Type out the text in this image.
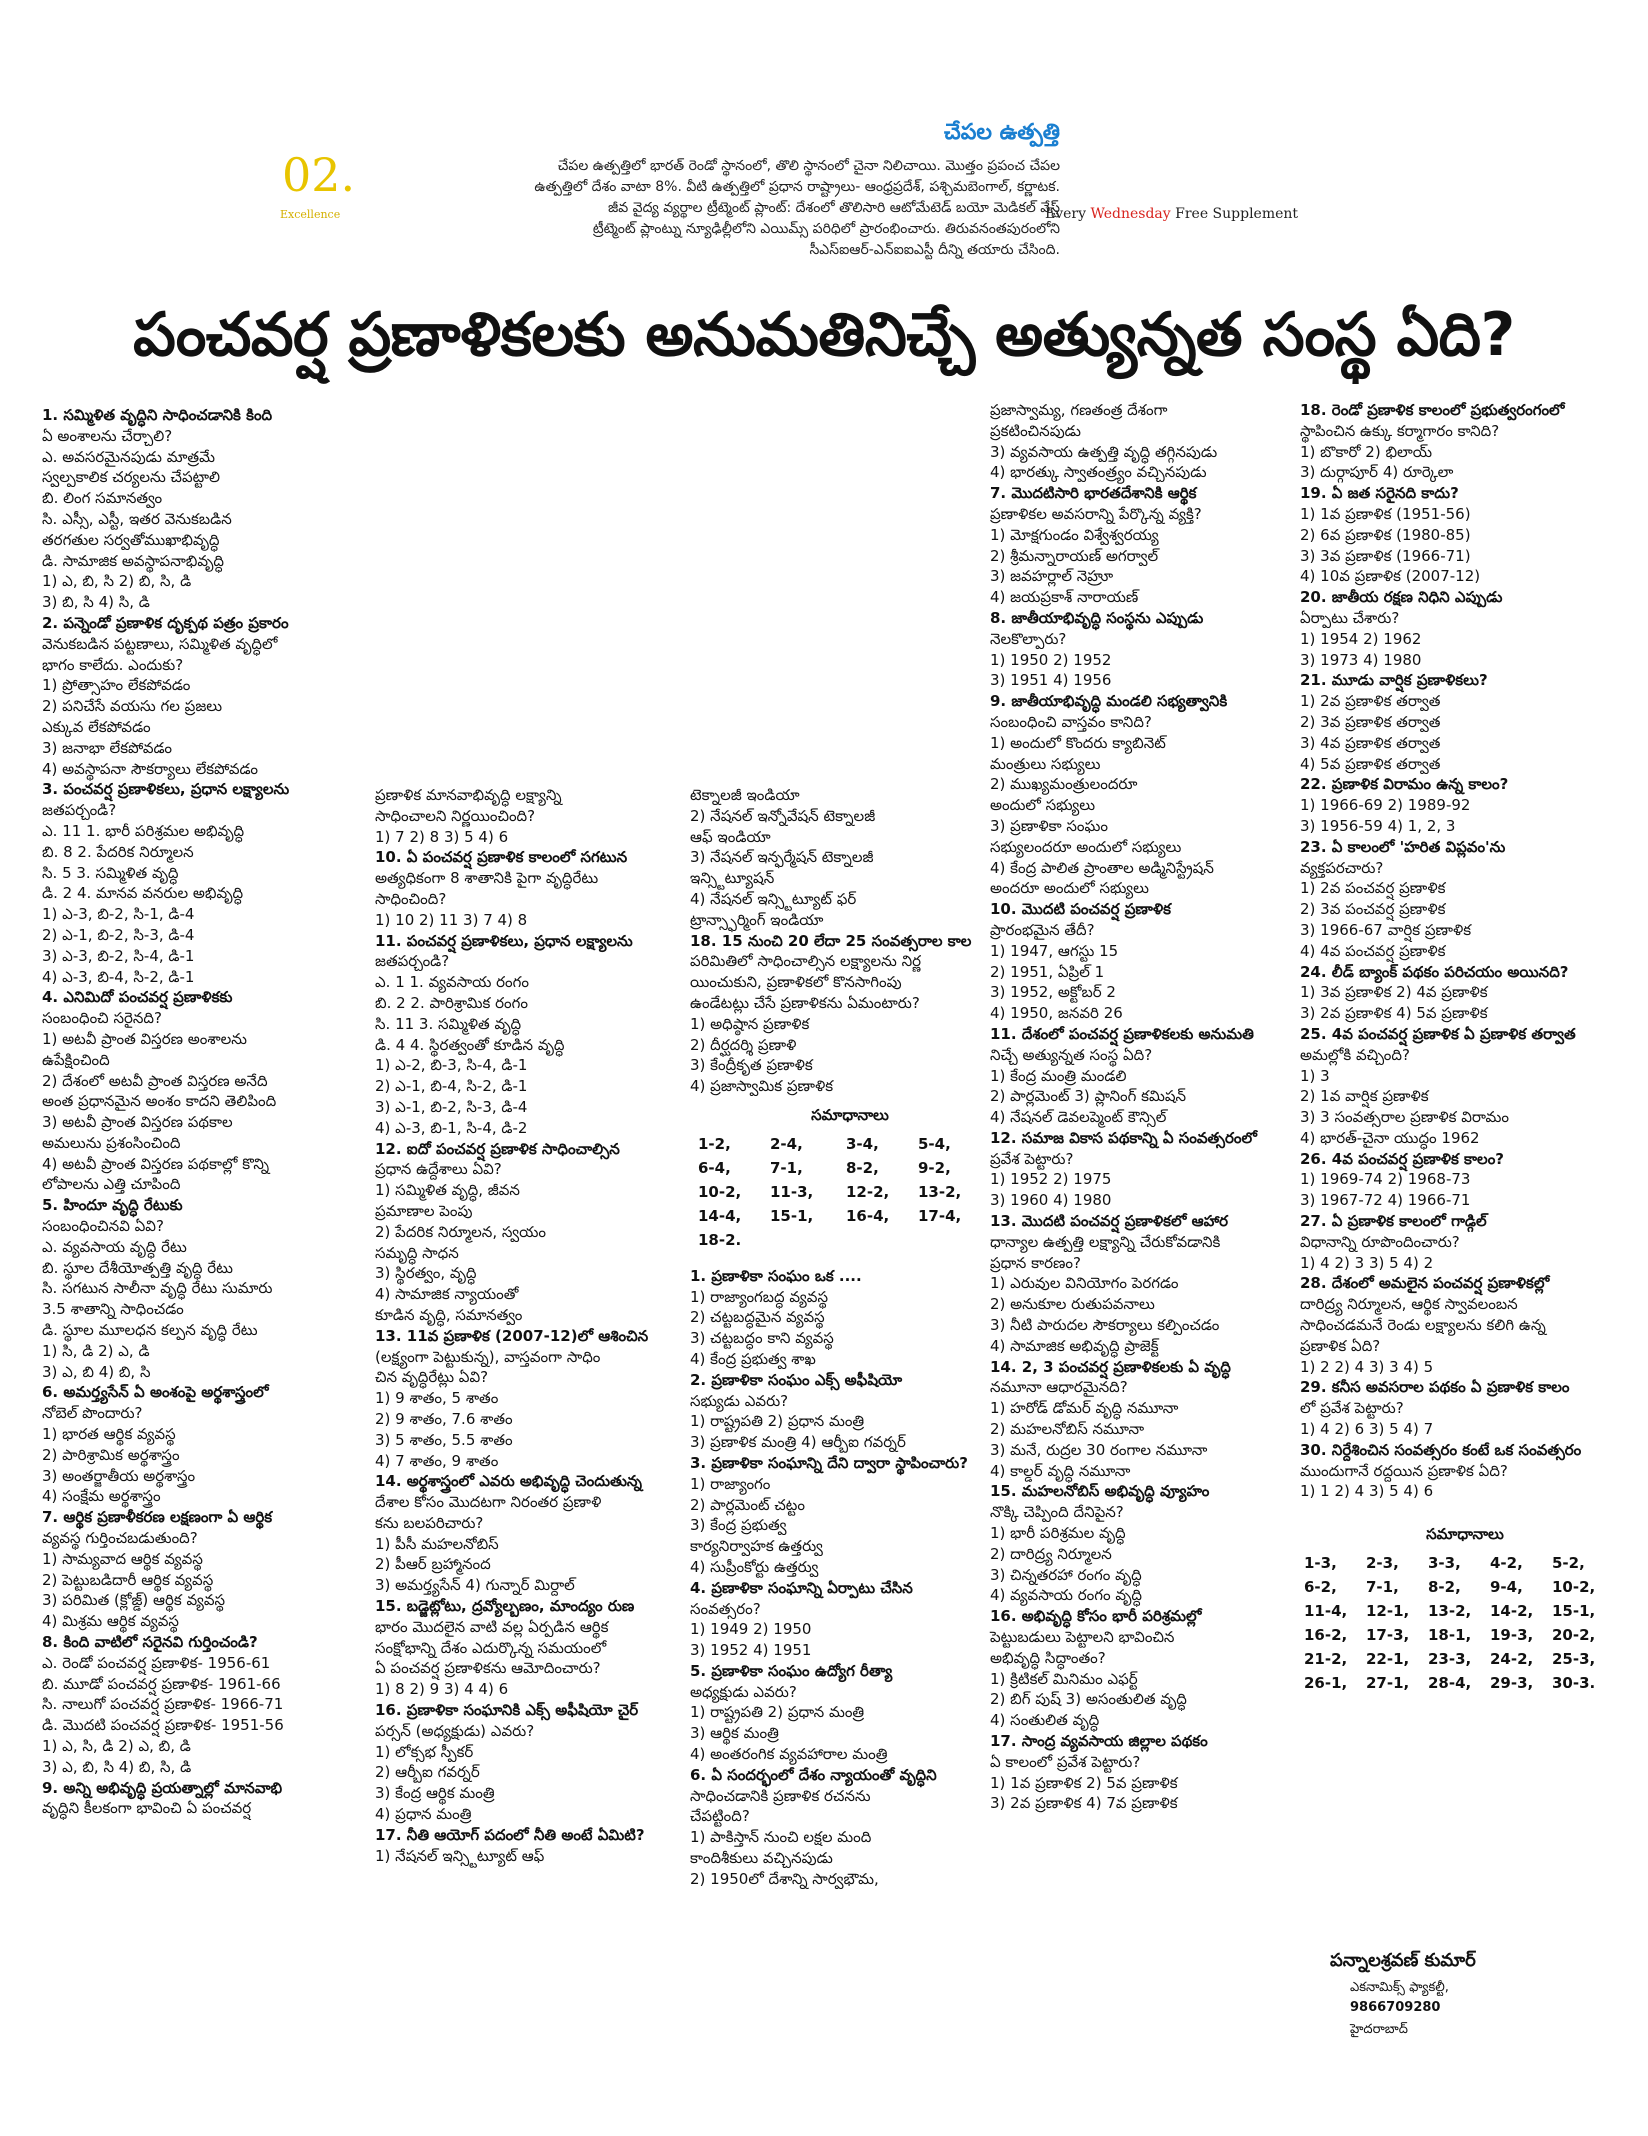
02.
Excellence
చేపల ఉత్పత్తి

చేపల ఉత్పత్తిలో భారత్ రెండో స్థానంలో, తొలి స్థానంలో చైనా నిలిచాయి. మొత్తం ప్రపంచ చేపల

ఉత్పత్తిలో దేశం వాటా 8%. వీటి ఉత్పత్తిలో ప్రధాన రాష్ట్రాలు- ఆంధ్రప్రదేశ్, పశ్చిమబెంగాల్, కర్ణాటక.

జీవ వైద్య వ్యర్థాల ట్రీట్మెంట్ ప్లాంట్: దేశంలో తొలిసారి ఆటోమేటెడ్ బయో మెడికల్ వేస్ట్

ట్రీట్మెంట్ ప్లాంట్ను న్యూఢిల్లీలోని ఎయిమ్స్ పరిధిలో ప్రారంభించారు. తిరువనంతపురంలోని

సీఎస్ఐఆర్-ఎన్ఐఐఎస్టీ దీన్ని తయారు చేసింది.

Every Wednesday Free Supplement
పంచవర్ష ప్రణాళికలకు అనుమతినిచ్చే అత్యున్నత సంస్థ ఏది?
1. సమ్మిళిత వృద్ధిని సాధించడానికి కింది
ఏ అంశాలను చేర్చాలి?
ఎ. అవసరమైనపుడు మాత్రమే
స్వల్పకాలిక చర్యలను చేపట్టాలి
బి. లింగ సమానత్వం
సి. ఎస్సీ, ఎస్టీ, ఇతర వెనుకబడిన
తరగతుల సర్వతోముఖాభివృద్ధి
డి. సామాజిక అవస్థాపనాభివృద్ధి
1) ఎ, బి, సి 2) బి, సి, డి
3) బి, సి 4) సి, డి
2. పన్నెండో ప్రణాళిక దృక్పథ పత్రం ప్రకారం
వెనుకబడిన పట్టణాలు, సమ్మిళిత వృద్ధిలో
భాగం కాలేదు. ఎందుకు?
1) ప్రోత్సాహం లేకపోవడం
2) పనిచేసే వయసు గల ప్రజలు
ఎక్కువ లేకపోవడం
3) జనాభా లేకపోవడం
4) అవస్థాపనా సౌకర్యాలు లేకపోవడం
3. పంచవర్ష ప్రణాళికలు, ప్రధాన లక్ష్యాలను
జతపర్చండి?
ఎ. 11 1. భారీ పరిశ్రమల అభివృద్ధి
బి. 8 2. పేదరిక నిర్మూలన
సి. 5 3. సమ్మిళిత వృద్ధి
డి. 2 4. మానవ వనరుల అభివృద్ధి
1) ఎ-3, బి-2, సి-1, డి-4
2) ఎ-1, బి-2, సి-3, డి-4
3) ఎ-3, బి-2, సి-4, డి-1
4) ఎ-3, బి-4, సి-2, డి-1
4. ఎనిమిదో పంచవర్ష ప్రణాళికకు
సంబంధించి సరైనది?
1) అటవీ ప్రాంత విస్తరణ అంశాలను
ఉపేక్షించింది
2) దేశంలో అటవీ ప్రాంత విస్తరణ అనేది
అంత ప్రధానమైన అంశం కాదని తెలిపింది
3) అటవీ ప్రాంత విస్తరణ పథకాల
అమలును ప్రశంసించింది
4) అటవీ ప్రాంత విస్తరణ పథకాల్లో కొన్ని
లోపాలను ఎత్తి చూపింది
5. హిందూ వృద్ధి రేటుకు
సంబంధించినవి ఏవి?
ఎ. వ్యవసాయ వృద్ధి రేటు
బి. స్థూల దేశీయోత్పత్తి వృద్ధి రేటు
సి. సగటున సాలీనా వృద్ధి రేటు సుమారు
3.5 శాతాన్ని సాధించడం
డి. స్థూల మూలధన కల్పన వృద్ధి రేటు
1) సి, డి 2) ఎ, డి
3) ఎ, బి 4) బి, సి
6. అమర్త్యసేన్ ఏ అంశంపై అర్థశాస్త్రంలో
నోబెల్ పొందారు?
1) భారత ఆర్థిక వ్యవస్థ
2) పారిశ్రామిక అర్థశాస్త్రం
3) అంతర్జాతీయ అర్థశాస్త్రం
4) సంక్షేమ అర్థశాస్త్రం
7. ఆర్థిక ప్రణాళీకరణ లక్షణంగా ఏ ఆర్థిక
వ్యవస్థ గుర్తించబడుతుంది?
1) సామ్యవాద ఆర్థిక వ్యవస్థ
2) పెట్టుబడిదారీ ఆర్థిక వ్యవస్థ
3) పరిమిత (క్లోజ్డ్) ఆర్థిక వ్యవస్థ
4) మిశ్రమ ఆర్థిక వ్యవస్థ
8. కింది వాటిలో సరైనవి గుర్తించండి?
ఎ. రెండో పంచవర్ష ప్రణాళిక- 1956-61
బి. మూడో పంచవర్ష ప్రణాళిక- 1961-66
సి. నాలుగో పంచవర్ష ప్రణాళిక- 1966-71
డి. మొదటి పంచవర్ష ప్రణాళిక- 1951-56
1) ఎ, సి, డి 2) ఎ, బి, డి
3) ఎ, బి, సి 4) బి, సి, డి
9. అన్ని అభివృద్ధి ప్రయత్నాల్లో మానవాభి
వృద్ధిని కీలకంగా భావించి ఏ పంచవర్ష
ప్రణాళిక మానవాభివృద్ధి లక్ష్యాన్ని
సాధించాలని నిర్ణయించింది?
1) 7 2) 8 3) 5 4) 6
10. ఏ పంచవర్ష ప్రణాళిక కాలంలో సగటున
అత్యధికంగా 8 శాతానికి పైగా వృద్ధిరేటు
సాధించింది?
1) 10 2) 11 3) 7 4) 8
11. పంచవర్ష ప్రణాళికలు, ప్రధాన లక్ష్యాలను
జతపర్చండి?
ఎ. 1 1. వ్యవసాయ రంగం
బి. 2 2. పారిశ్రామిక రంగం
సి. 11 3. సమ్మిళిత వృద్ధి
డి. 4 4. స్థిరత్వంతో కూడిన వృద్ధి
1) ఎ-2, బి-3, సి-4, డి-1
2) ఎ-1, బి-4, సి-2, డి-1
3) ఎ-1, బి-2, సి-3, డి-4
4) ఎ-3, బి-1, సి-4, డి-2
12. ఐదో పంచవర్ష ప్రణాళిక సాధించాల్సిన
ప్రధాన ఉద్దేశాలు ఏవి?
1) సమ్మిళిత వృద్ధి, జీవన
ప్రమాణాల పెంపు
2) పేదరిక నిర్మూలన, స్వయం
సమృద్ధి సాధన
3) స్థిరత్వం, వృద్ధి
4) సామాజిక న్యాయంతో
కూడిన వృద్ధి, సమానత్వం
13. 11వ ప్రణాళిక (2007-12)లో ఆశించిన
(లక్ష్యంగా పెట్టుకున్న), వాస్తవంగా సాధిం
చిన వృద్ధిరేట్లు ఏవి?
1) 9 శాతం, 5 శాతం
2) 9 శాతం, 7.6 శాతం
3) 5 శాతం, 5.5 శాతం
4) 7 శాతం, 9 శాతం
14. అర్థశాస్త్రంలో ఎవరు అభివృద్ధి చెందుతున్న
దేశాల కోసం మొదటగా నిరంతర ప్రణాళి
కను బలపరిచారు?
1) పీసీ మహలనోబిస్
2) పీఆర్ బ్రహ్మానంద
3) అమర్త్యసేన్ 4) గున్నార్ మిర్దాల్
15. బడ్జెట్లోటు, ద్రవ్యోల్బణం, మాంద్యం రుణ
భారం మొదలైన వాటి వల్ల ఏర్పడిన ఆర్థిక
సంక్షోభాన్ని దేశం ఎదుర్కొన్న సమయంలో
ఏ పంచవర్ష ప్రణాళికను ఆమోదించారు?
1) 8 2) 9 3) 4 4) 6
16. ప్రణాళికా సంఘానికి ఎక్స్ అఫీషియో చైర్
పర్సన్ (అధ్యక్షుడు) ఎవరు?
1) లోక్సభ స్పీకర్
2) ఆర్బీఐ గవర్నర్
3) కేంద్ర ఆర్థిక మంత్రి
4) ప్రధాన మంత్రి
17. నీతి ఆయోగ్ పదంలో నీతి అంటే ఏమిటి?
1) నేషనల్ ఇన్స్టిట్యూట్ ఆఫ్
టెక్నాలజీ ఇండియా
2) నేషనల్ ఇన్నోవేషన్ టెక్నాలజీ
ఆఫ్ ఇండియా
3) నేషనల్ ఇన్ఫర్మేషన్ టెక్నాలజీ
ఇన్స్టిట్యూషన్
4) నేషనల్ ఇన్స్టిట్యూట్ ఫర్
ట్రాన్స్ఫార్మింగ్ ఇండియా
18. 15 నుంచి 20 లేదా 25 సంవత్సరాల కాల
పరిమితిలో సాధించాల్సిన లక్ష్యాలను నిర్ణ
యించుకుని, ప్రణాళికలో కొనసాగింపు
ఉండేటట్లు చేసే ప్రణాళికను ఏమంటారు?
1) అధిష్ఠాన ప్రణాళిక
2) దీర్ఘదర్శి ప్రణాళి
3) కేంద్రీకృత ప్రణాళిక
4) ప్రజాస్వామిక ప్రణాళిక
సమాధానాలు
1-2,	2-4,	3-4,	5-4,
6-4,	7-1,	8-2,	9-2,
10-2,	11-3,	12-2,	13-2,
14-4,	15-1,	16-4,	17-4,
18-2.
1. ప్రణాళికా సంఘం ఒక ....
1) రాజ్యాంగబద్ధ వ్యవస్థ
2) చట్టబద్ధమైన వ్యవస్థ
3) చట్టబద్ధం కాని వ్యవస్థ
4) కేంద్ర ప్రభుత్వ శాఖ
2. ప్రణాళికా సంఘం ఎక్స్ అఫీషియో
సభ్యుడు ఎవరు?
1) రాష్ట్రపతి 2) ప్రధాన మంత్రి
3) ప్రణాళిక మంత్రి 4) ఆర్బీఐ గవర్నర్
3. ప్రణాళికా సంఘాన్ని దేని ద్వారా స్థాపించారు?
1) రాజ్యాంగం
2) పార్లమెంట్ చట్టం
3) కేంద్ర ప్రభుత్వ
కార్యనిర్వాహక ఉత్తర్వు
4) సుప్రీంకోర్టు ఉత్తర్వు
4. ప్రణాళికా సంఘాన్ని ఏర్పాటు చేసిన
సంవత్సరం?
1) 1949 2) 1950
3) 1952 4) 1951
5. ప్రణాళికా సంఘం ఉద్యోగ రీత్యా
అధ్యక్షుడు ఎవరు?
1) రాష్ట్రపతి 2) ప్రధాన మంత్రి
3) ఆర్థిక మంత్రి
4) అంతరంగిక వ్యవహారాల మంత్రి
6. ఏ సందర్భంలో దేశం న్యాయంతో వృద్ధిని
సాధించడానికి ప్రణాళిక రచనను
చేపట్టింది?
1) పాకిస్తాన్ నుంచి లక్షల మంది
కాందిశీకులు వచ్చినపుడు
2) 1950లో దేశాన్ని సార్వభౌమ,
ప్రజాస్వామ్య, గణతంత్ర దేశంగా
ప్రకటించినపుడు
3) వ్యవసాయ ఉత్పత్తి వృద్ధి తగ్గినపుడు
4) భారత్కు స్వాతంత్ర్యం వచ్చినపుడు
7. మొదటిసారి భారతదేశానికి ఆర్థిక
ప్రణాళికల అవసరాన్ని పేర్కొన్న వ్యక్తి?
1) మోక్షగుండం విశ్వేశ్వరయ్య
2) శ్రీమన్నారాయణ్ అగర్వాల్
3) జవహర్లాల్ నెహ్రూ
4) జయప్రకాశ్ నారాయణ్
8. జాతీయాభివృద్ధి సంస్థను ఎప్పుడు
నెలకొల్పారు?
1) 1950 2) 1952
3) 1951 4) 1956
9. జాతీయాభివృద్ధి మండలి సభ్యత్వానికి
సంబంధించి వాస్తవం కానిది?
1) అందులో కొందరు క్యాబినెట్
మంత్రులు సభ్యులు
2) ముఖ్యమంత్రులందరూ
అందులో సభ్యులు
3) ప్రణాళికా సంఘం
సభ్యులందరూ అందులో సభ్యులు
4) కేంద్ర పాలిత ప్రాంతాల అడ్మినిస్ట్రేషన్
అందరూ అందులో సభ్యులు
10. మొదటి పంచవర్ష ప్రణాళిక
ప్రారంభమైన తేదీ?
1) 1947, ఆగస్టు 15
2) 1951, ఏప్రిల్ 1
3) 1952, అక్టోబర్ 2
4) 1950, జనవరి 26
11. దేశంలో పంచవర్ష ప్రణాళికలకు అనుమతి
నిచ్చే అత్యున్నత సంస్థ ఏది?
1) కేంద్ర మంత్రి మండలి
2) పార్లమెంట్ 3) ప్లానింగ్ కమిషన్
4) నేషనల్ డెవలప్మెంట్ కౌన్సిల్
12. సమాజ వికాస పథకాన్ని ఏ సంవత్సరంలో
ప్రవేశ పెట్టారు?
1) 1952 2) 1975
3) 1960 4) 1980
13. మొదటి పంచవర్ష ప్రణాళికలో ఆహార
ధాన్యాల ఉత్పత్తి లక్ష్యాన్ని చేరుకోవడానికి
ప్రధాన కారణం?
1) ఎరువుల వినియోగం పెరగడం
2) అనుకూల రుతుపవనాలు
3) నీటి పారుదల సౌకర్యాలు కల్పించడం
4) సామాజిక అభివృద్ధి ప్రాజెక్ట్
14. 2, 3 పంచవర్ష ప్రణాళికలకు ఏ వృద్ధి
నమూనా ఆధారమైనది?
1) హరోడ్ డోమర్ వృద్ధి నమూనా
2) మహలనోబిస్ నమూనా
3) మనే, రుద్రల 30 రంగాల నమూనా
4) కాల్డర్ వృద్ధి నమూనా
15. మహలనోబిస్ అభివృద్ధి వ్యూహం
నొక్కి చెప్పింది దేనిపైన?
1) భారీ పరిశ్రమల వృద్ధి
2) దారిద్ర్య నిర్మూలన
3) చిన్నతరహా రంగం వృద్ధి
4) వ్యవసాయ రంగం వృద్ధి
16. అభివృద్ధి కోసం భారీ పరిశ్రమల్లో
పెట్టుబడులు పెట్టాలని భావించిన
అభివృద్ధి సిద్ధాంతం?
1) క్రిటికల్ మినిమం ఎఫర్ట్
2) బిగ్ పుష్ 3) అసంతులిత వృద్ధి
4) సంతులిత వృద్ధి
17. సాంద్ర వ్యవసాయ జిల్లాల పథకం
ఏ కాలంలో ప్రవేశ పెట్టారు?
1) 1వ ప్రణాళిక 2) 5వ ప్రణాళిక
3) 2వ ప్రణాళిక 4) 7వ ప్రణాళిక
18. రెండో ప్రణాళిక కాలంలో ప్రభుత్వరంగంలో
స్థాపించిన ఉక్కు కర్మాగారం కానిది?
1) బొకారో 2) భిలాయ్
3) దుర్గాపూర్ 4) రూర్కెలా
19. ఏ జత సరైనది కాదు?
1) 1వ ప్రణాళిక (1951-56)
2) 6వ ప్రణాళిక (1980-85)
3) 3వ ప్రణాళిక (1966-71)
4) 10వ ప్రణాళిక (2007-12)
20. జాతీయ రక్షణ నిధిని ఎప్పుడు
ఏర్పాటు చేశారు?
1) 1954 2) 1962
3) 1973 4) 1980
21. మూడు వార్షిక ప్రణాళికలు?
1) 2వ ప్రణాళిక తర్వాత
2) 3వ ప్రణాళిక తర్వాత
3) 4వ ప్రణాళిక తర్వాత
4) 5వ ప్రణాళిక తర్వాత
22. ప్రణాళిక విరామం ఉన్న కాలం?
1) 1966-69 2) 1989-92
3) 1956-59 4) 1, 2, 3
23. ఏ కాలంలో 'హరిత విప్లవం'ను
వ్యక్తపరచారు?
1) 2వ పంచవర్ష ప్రణాళిక
2) 3వ పంచవర్ష ప్రణాళిక
3) 1966-67 వార్షిక ప్రణాళిక
4) 4వ పంచవర్ష ప్రణాళిక
24. లీడ్ బ్యాంక్ పథకం పరిచయం అయినది?
1) 3వ ప్రణాళిక 2) 4వ ప్రణాళిక
3) 2వ ప్రణాళిక 4) 5వ ప్రణాళిక
25. 4వ పంచవర్ష ప్రణాళిక ఏ ప్రణాళిక తర్వాత
అమల్లోకి వచ్చింది?
1) 3
2) 1వ వార్షిక ప్రణాళిక
3) 3 సంవత్సరాల ప్రణాళిక విరామం
4) భారత్-చైనా యుద్ధం 1962
26. 4వ పంచవర్ష ప్రణాళిక కాలం?
1) 1969-74 2) 1968-73
3) 1967-72 4) 1966-71
27. ఏ ప్రణాళిక కాలంలో గాడ్గిల్
విధానాన్ని రూపొందించారు?
1) 4 2) 3 3) 5 4) 2
28. దేశంలో అమలైన పంచవర్ష ప్రణాళికల్లో
దారిద్ర్య నిర్మూలన, ఆర్థిక స్వావలంబన
సాధించడమనే రెండు లక్ష్యాలను కలిగి ఉన్న
ప్రణాళిక ఏది?
1) 2 2) 4 3) 3 4) 5
29. కనీస అవసరాల పథకం ఏ ప్రణాళిక కాలం
లో ప్రవేశ పెట్టారు?
1) 4 2) 6 3) 5 4) 7
30. నిర్దేశించిన సంవత్సరం కంటే ఒక సంవత్సరం
ముందుగానే రద్దయిన ప్రణాళిక ఏది?
1) 1 2) 4 3) 5 4) 6
సమాధానాలు
1-3,	2-3,	3-3,	4-2,	5-2,
6-2,	7-1,	8-2,	9-4,	10-2,
11-4,	12-1,	13-2,	14-2,	15-1,
16-2,	17-3,	18-1,	19-3,	20-2,
21-2,	22-1,	23-3,	24-2,	25-3,
26-1,	27-1,	28-4,	29-3,	30-3.
పన్నాలశ్రవణ్ కుమార్
ఎకనామిక్స్ ఫ్యాకల్టీ,
9866709280
హైదరాబాద్
